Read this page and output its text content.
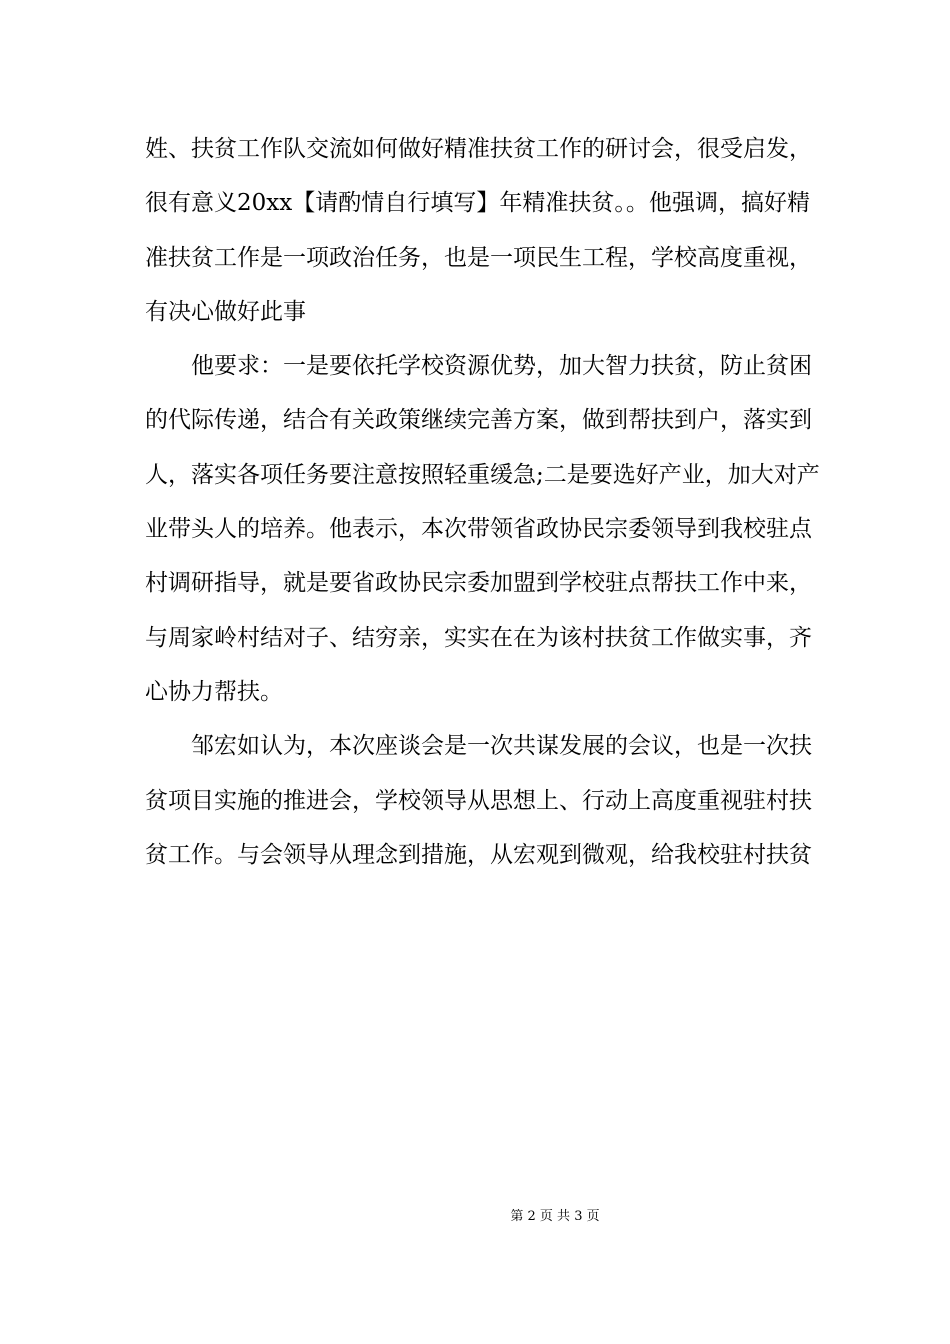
姓、扶贫工作队交流如何做好精准扶贫工作的研讨会，很受启发，
很有意义20xx【请酌情自行填写】年精准扶贫。。他强调，搞好精
准扶贫工作是一项政治任务，也是一项民生工程，学校高度重视，
有决心做好此事
他要求：一是要依托学校资源优势，加大智力扶贫，防止贫困
的代际传递，结合有关政策继续完善方案，做到帮扶到户，落实到
人，落实各项任务要注意按照轻重缓急;二是要选好产业，加大对产
业带头人的培养。他表示，本次带领省政协民宗委领导到我校驻点
村调研指导，就是要省政协民宗委加盟到学校驻点帮扶工作中来，
与周家岭村结对子、结穷亲，实实在在为该村扶贫工作做实事，齐
心协力帮扶。
邹宏如认为，本次座谈会是一次共谋发展的会议，也是一次扶
贫项目实施的推进会，学校领导从思想上、行动上高度重视驻村扶
贫工作。与会领导从理念到措施，从宏观到微观，给我校驻村扶贫
第 2 页 共 3 页
